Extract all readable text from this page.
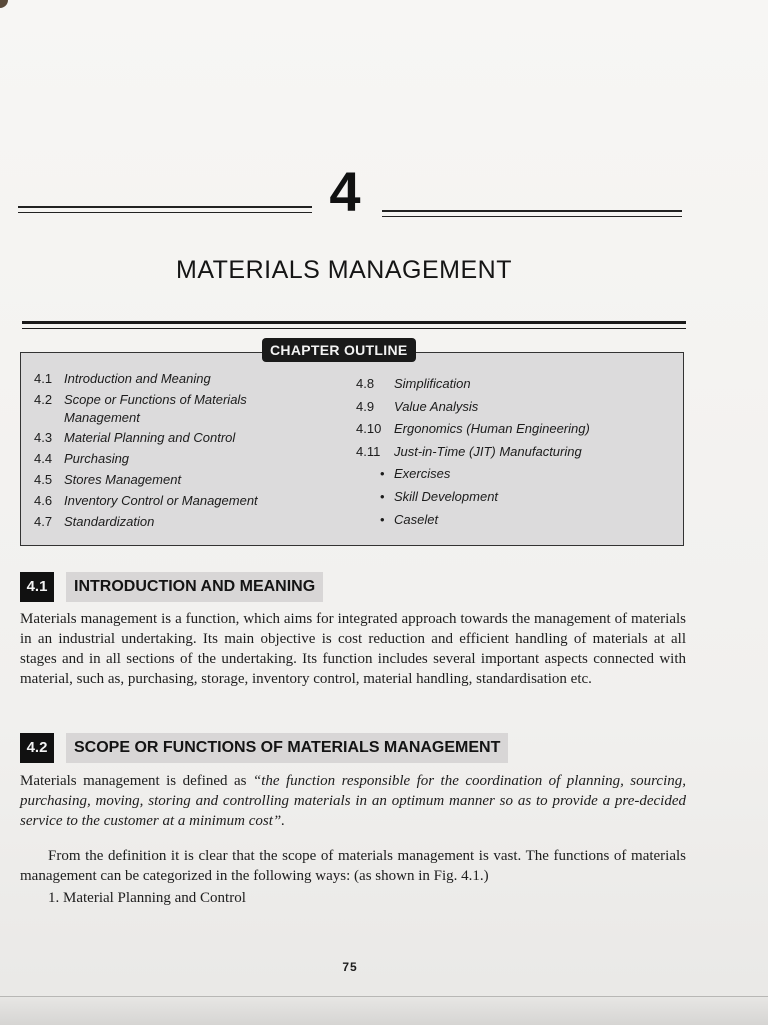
4
MATERIALS MANAGEMENT
CHAPTER OUTLINE
4.1 Introduction and Meaning
4.2 Scope or Functions of Materials Management
4.3 Material Planning and Control
4.4 Purchasing
4.5 Stores Management
4.6 Inventory Control or Management
4.7 Standardization
4.8	Simplification
4.9	Value Analysis
4.10 Ergonomics (Human Engineering)
4.11	Just-in-Time (JIT) Manufacturing
• Exercises
• Skill Development
• Caselet
4.1	INTRODUCTION AND MEANING
Materials management is a function, which aims for integrated approach towards the management of materials in an industrial undertaking. Its main objective is cost reduction and efficient handling of materials at all stages and in all sections of the undertaking. Its function includes several important aspects connected with material, such as, purchasing, storage, inventory control, material handling, standardisation etc.
4.2	SCOPE OR FUNCTIONS OF MATERIALS MANAGEMENT
Materials management is defined as “the function responsible for the coordination of planning, sourcing, purchasing, moving, storing and controlling materials in an optimum manner so as to provide a pre-decided service to the customer at a minimum cost”.
From the definition it is clear that the scope of materials management is vast. The functions of materials management can be categorized in the following ways: (as shown in Fig. 4.1.)
1. Material Planning and Control
75
